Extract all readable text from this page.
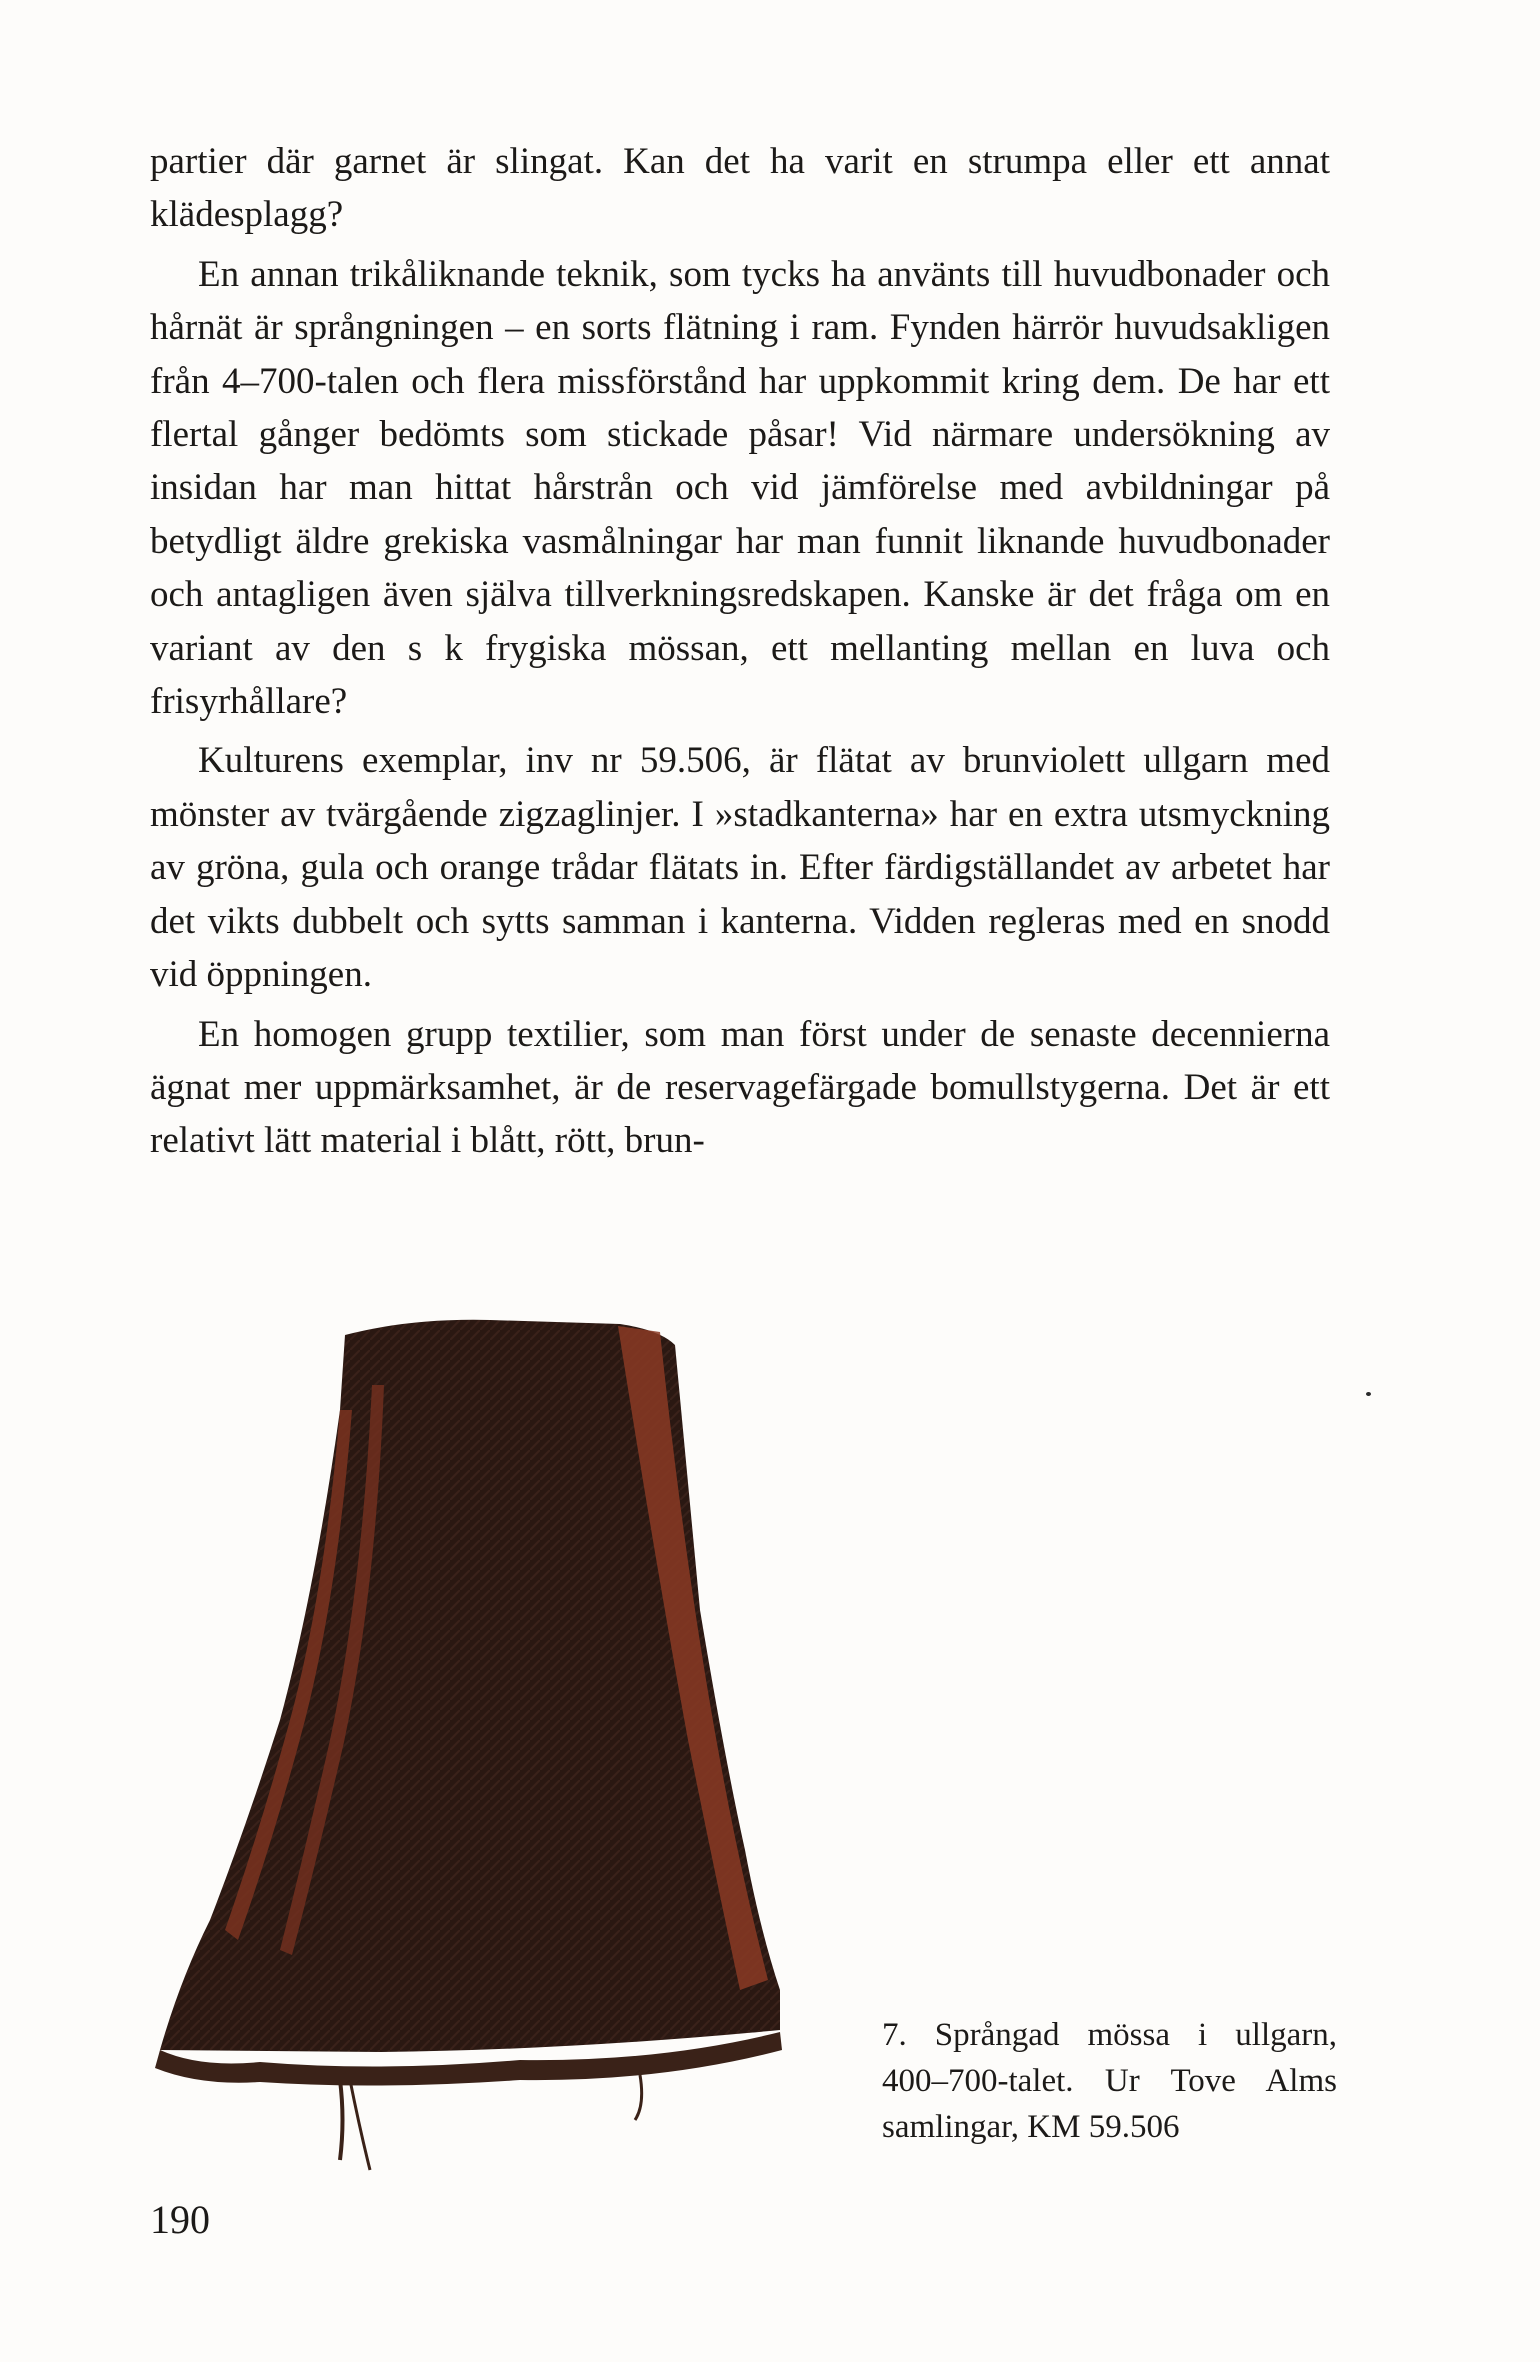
partier där garnet är slingat. Kan det ha varit en strumpa eller ett annat klädesplagg?

En annan trikåliknande teknik, som tycks ha använts till huvudbonader och hårnät är språngningen – en sorts flätning i ram. Fynden härrör huvudsakligen från 4–700-talen och flera missförstånd har uppkommit kring dem. De har ett flertal gånger bedömts som stickade påsar! Vid närmare undersökning av insidan har man hittat hårstrån och vid jämförelse med avbildningar på betydligt äldre grekiska vasmålningar har man funnit liknande huvudbonader och antagligen även själva tillverkningsredskapen. Kanske är det fråga om en variant av den s k frygiska mössan, ett mellanting mellan en luva och frisyrhållare?

Kulturens exemplar, inv nr 59.506, är flätat av brunviolett ullgarn med mönster av tvärgående zigzaglinjer. I »stadkanterna» har en extra utsmyckning av gröna, gula och orange trådar flätats in. Efter färdigställandet av arbetet har det vikts dubbelt och sytts samman i kanterna. Vidden regleras med en snodd vid öppningen.

En homogen grupp textilier, som man först under de senaste decennierna ägnat mer uppmärksamhet, är de reservagefärgade bomullstygerna. Det är ett relativt lätt material i blått, rött, brun-

7. Språngad mössa i ullgarn,
400–700-talet. Ur Tove Alms
samlingar, KM 59.506
190
